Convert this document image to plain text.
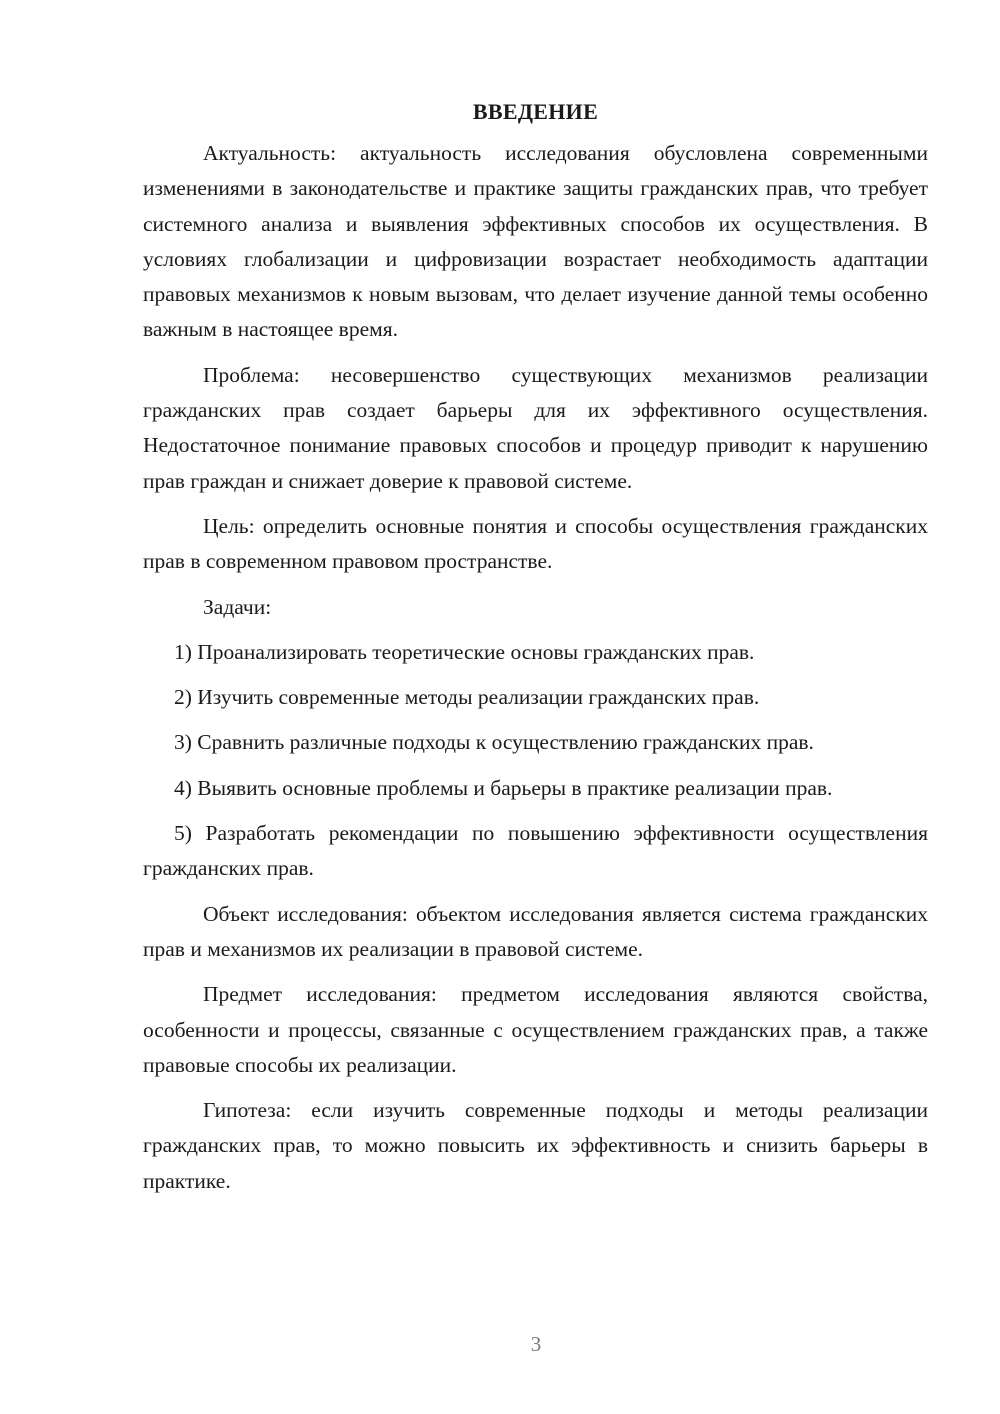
ВВЕДЕНИЕ

Актуальность: актуальность исследования обусловлена современными изменениями в законодательстве и практике защиты гражданских прав, что требует системного анализа и выявления эффективных способов их осуществления. В условиях глобализации и цифровизации возрастает необходимость адаптации правовых механизмов к новым вызовам, что делает изучение данной темы особенно важным в настоящее время.

Проблема: несовершенство существующих механизмов реализации гражданских прав создает барьеры для их эффективного осуществления. Недостаточное понимание правовых способов и процедур приводит к нарушению прав граждан и снижает доверие к правовой системе.

Цель: определить основные понятия и способы осуществления гражданских прав в современном правовом пространстве.

Задачи:

1) Проанализировать теоретические основы гражданских прав.

2) Изучить современные методы реализации гражданских прав.

3) Сравнить различные подходы к осуществлению гражданских прав.

4) Выявить основные проблемы и барьеры в практике реализации прав.

5) Разработать рекомендации по повышению эффективности осуществления гражданских прав.

Объект исследования: объектом исследования является система гражданских прав и механизмов их реализации в правовой системе.

Предмет исследования: предметом исследования являются свойства, особенности и процессы, связанные с осуществлением гражданских прав, а также правовые способы их реализации.

Гипотеза: если изучить современные подходы и методы реализации гражданских прав, то можно повысить их эффективность и снизить барьеры в практике.

3
